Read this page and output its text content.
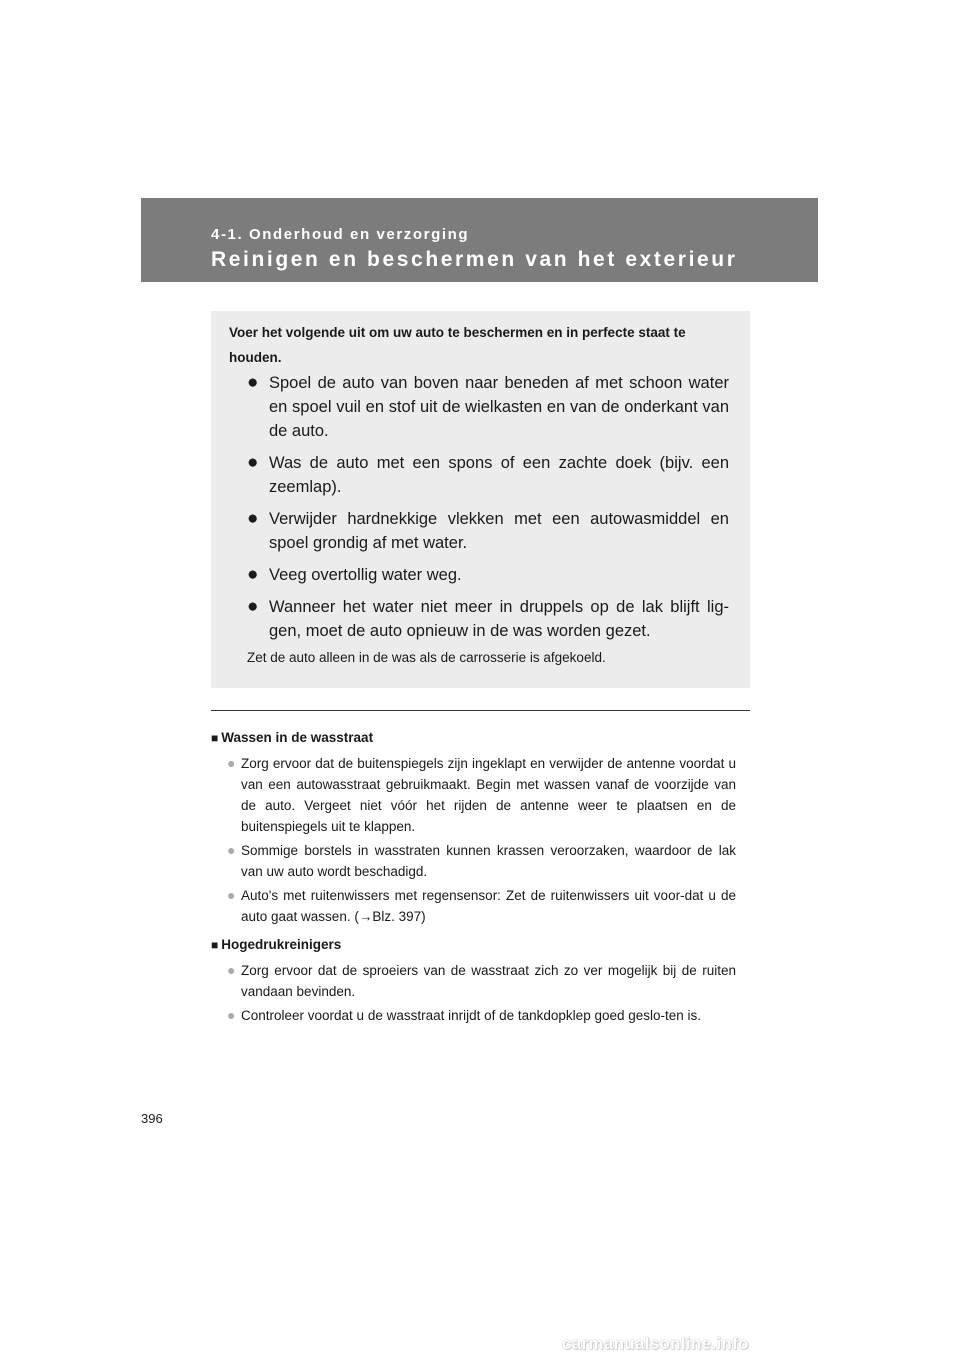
4-1. Onderhoud en verzorging
Reinigen en beschermen van het exterieur

Voer het volgende uit om uw auto te beschermen en in perfecte staat te houden.

● Spoel de auto van boven naar beneden af met schoon water en spoel vuil en stof uit de wielkasten en van de onderkant van de auto.
● Was de auto met een spons of een zachte doek (bijv. een zeemlap).
● Verwijder hardnekkige vlekken met een autowasmiddel en spoel grondig af met water.
● Veeg overtollig water weg.
● Wanneer het water niet meer in druppels op de lak blijft lig-gen, moet de auto opnieuw in de was worden gezet.

Zet de auto alleen in de was als de carrosserie is afgekoeld.

■ Wassen in de wasstraat

● Zorg ervoor dat de buitenspiegels zijn ingeklapt en verwijder de antenne voordat u van een autowasstraat gebruikmaakt. Begin met wassen vanaf de voorzijde van de auto. Vergeet niet vóór het rijden de antenne weer te plaatsen en de buitenspiegels uit te klappen.
● Sommige borstels in wasstraten kunnen krassen veroorzaken, waardoor de lak van uw auto wordt beschadigd.
● Auto's met ruitenwissers met regensensor: Zet de ruitenwissers uit voor-dat u de auto gaat wassen. (→Blz. 397)

■ Hogedrukreinigers

● Zorg ervoor dat de sproeiers van de wasstraat zich zo ver mogelijk bij de ruiten vandaan bevinden.
● Controleer voordat u de wasstraat inrijdt of de tankdopklep goed geslo-ten is.

396

carmanualsonline.info
